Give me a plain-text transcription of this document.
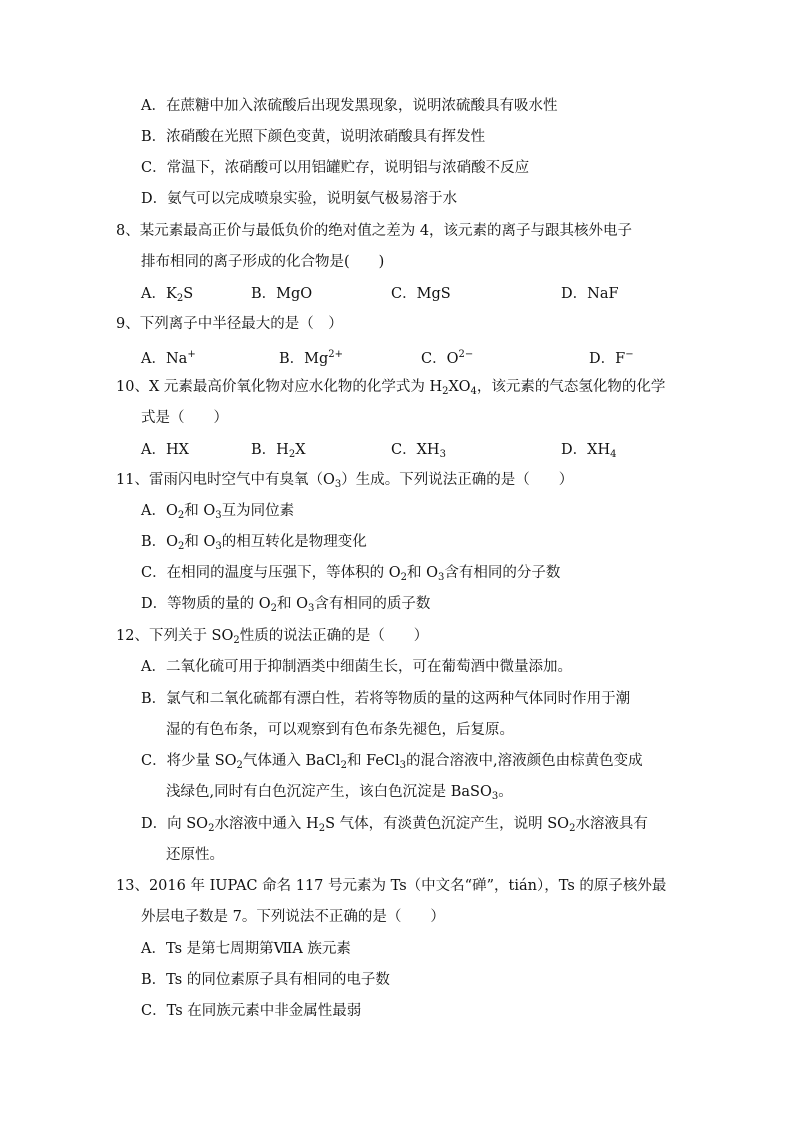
A．在蔗糖中加入浓硫酸后出现发黑现象，说明浓硫酸具有吸水性
B．浓硝酸在光照下颜色变黄，说明浓硝酸具有挥发性
C．常温下，浓硝酸可以用铝罐贮存，说明铝与浓硝酸不反应
D．氨气可以完成喷泉实验，说明氨气极易溶于水
8、某元素最高正价与最低负价的绝对值之差为 4，该元素的离子与跟其核外电子
排布相同的离子形成的化合物是(　　)
A．$K_2S$	B．MgO	C．MgS	D．NaF
9、下列离子中半径最大的是（　）
A．Na+	B．$Mg^{2+}$	C．$O^{2-}$	D．F−
10、X 元素最高价氧化物对应水化物的化学式为 $H_2XO_4$，该元素的气态氢化物的化学
式是（　　）
A．HX	B．$H_2X$	C．$XH_3$	D．$XH_4$
11、雷雨闪电时空气中有臭氧$(O_3)$生成。下列说法正确的是（　　）
A．$O_2$和 $O_3$互为同位素
B．$O_2$和 $O_3$的相互转化是物理变化
C．在相同的温度与压强下，等体积的 $O_2$和 $O_3$含有相同的分子数
D．等物质的量的 $O_2$和 $O_3$含有相同的质子数
12、下列关于 $SO_2$性质的说法正确的是（　　）
A．二氧化硫可用于抑制酒类中细菌生长，可在葡萄酒中微量添加。
B．氯气和二氧化硫都有漂白性，若将等物质的量的这两种气体同时作用于潮
湿的有色布条，可以观察到有色布条先褪色，后复原。
C．将少量 $SO_2$气体通入 BaCl$_2$和 FeCl$_3$的混合溶液中,溶液颜色由棕黄色变成
浅绿色,同时有白色沉淀产生，该白色沉淀是 BaSO$_3$。
D．向 $SO_2$水溶液中通入 $H_2S$ 气体，有淡黄色沉淀产生，说明 $SO_2$水溶液具有
还原性。
13、2016 年 IUPAC 命名 117 号元素为 Ts（中文名“䃅”，tián），Ts 的原子核外最
外层电子数是 7。下列说法不正确的是（　　）
A．Ts 是第七周期第ⅦA 族元素
B．Ts 的同位素原子具有相同的电子数
C．Ts 在同族元素中非金属性最弱
